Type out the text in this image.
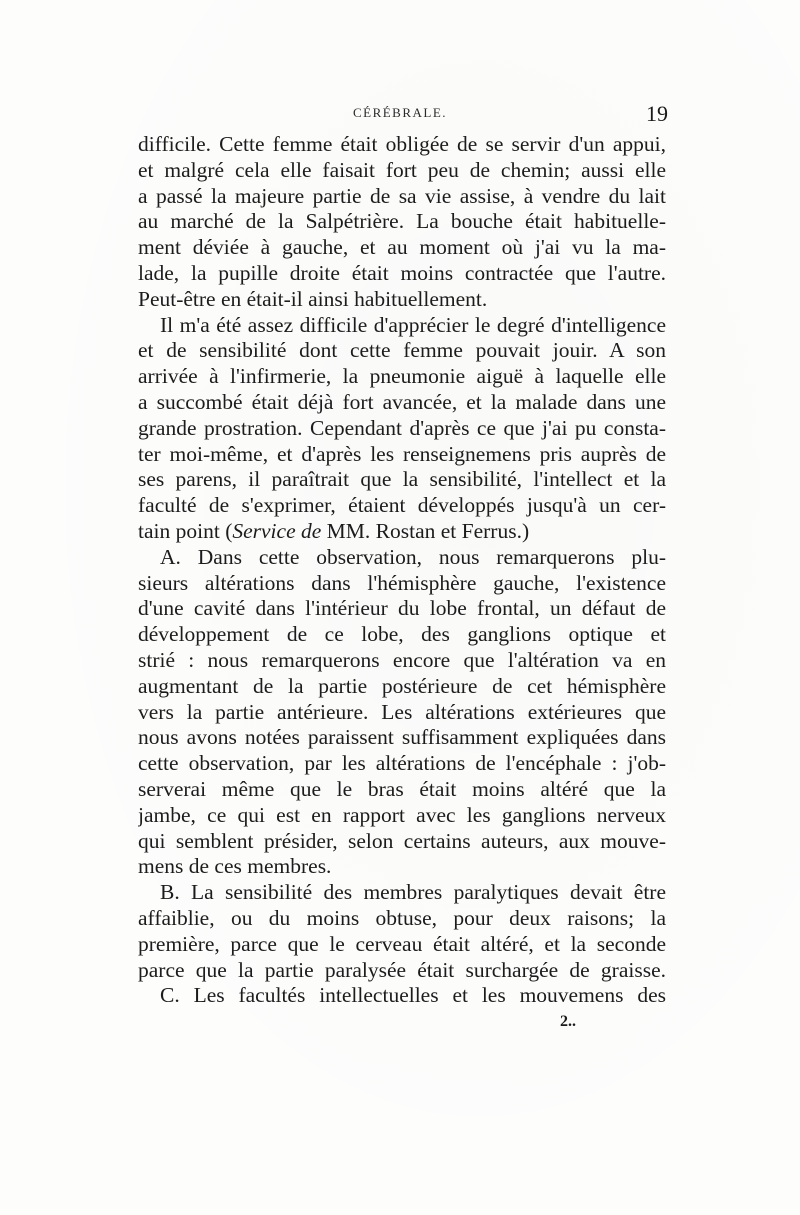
CÉRÉBRALE.	19
difficile. Cette femme était obligée de se servir d'un appui,
et malgré cela elle faisait fort peu de chemin; aussi elle
a passé la majeure partie de sa vie assise, à vendre du lait
au marché de la Salpétrière. La bouche était habituelle-
ment déviée à gauche, et au moment où j'ai vu la ma-
lade, la pupille droite était moins contractée que l'autre.
Peut-être en était-il ainsi habituellement.
Il m'a été assez difficile d'apprécier le degré d'intelligence
et de sensibilité dont cette femme pouvait jouir. A son
arrivée à l'infirmerie, la pneumonie aiguë à laquelle elle
a succombé était déjà fort avancée, et la malade dans une
grande prostration. Cependant d'après ce que j'ai pu consta-
ter moi-même, et d'après les renseignemens pris auprès de
ses parens, il paraîtrait que la sensibilité, l'intellect et la
faculté de s'exprimer, étaient développés jusqu'à un cer-
tain point (Service de MM. Rostan et Ferrus.)
A. Dans cette observation, nous remarquerons plu-
sieurs altérations dans l'hémisphère gauche, l'existence
d'une cavité dans l'intérieur du lobe frontal, un défaut de
développement de ce lobe, des ganglions optique et
strié : nous remarquerons encore que l'altération va en
augmentant de la partie postérieure de cet hémisphère
vers la partie antérieure. Les altérations extérieures que
nous avons notées paraissent suffisamment expliquées dans
cette observation, par les altérations de l'encéphale : j'ob-
serverai même que le bras était moins altéré que la
jambe, ce qui est en rapport avec les ganglions nerveux
qui semblent présider, selon certains auteurs, aux mouve-
mens de ces membres.
B. La sensibilité des membres paralytiques devait être
affaiblie, ou du moins obtuse, pour deux raisons; la
première, parce que le cerveau était altéré, et la seconde
parce que la partie paralysée était surchargée de graisse.
C. Les facultés intellectuelles et les mouvemens des
2..
